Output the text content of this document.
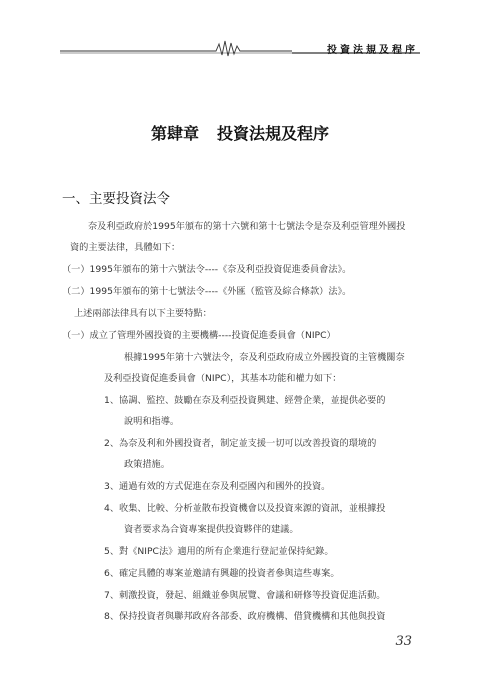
投資法規及程序
第肆章 投資法規及程序
一、主要投資法令
奈及利亞政府於1995年頒布的第十六號和第十七號法令是奈及利亞管理外國投
資的主要法律，具體如下：
（一）1995年頒布的第十六號法令----《奈及利亞投資促進委員會法》。
（二）1995年頒布的第十七號法令----《外匯（監管及綜合條款）法》。
上述兩部法律具有以下主要特點：
（一）成立了管理外國投資的主要機構----投資促進委員會（NIPC）
根據1995年第十六號法令，奈及利亞政府成立外國投資的主管機關奈
及利亞投資促進委員會（NIPC），其基本功能和權力如下：
1、協調、監控、鼓勵在奈及利亞投資興建、經營企業，並提供必要的
說明和指導。
2、為奈及利和外國投資者，制定並支援一切可以改善投資的環境的
政策措施。
3、通過有效的方式促進在奈及利亞國內和國外的投資。
4、收集、比較、分析並散布投資機會以及投資來源的資訊，並根據投
資者要求為合資專案提供投資夥伴的建議。
5、對《NIPC法》適用的所有企業進行登記並保持紀錄。
6、確定具體的專案並邀請有興趣的投資者參與這些專案。
7、刺激投資，發起、組織並參與展覽、會議和研修等投資促進活動。
8、保持投資者與聯邦政府各部委、政府機構、借貸機構和其他與投資
33
